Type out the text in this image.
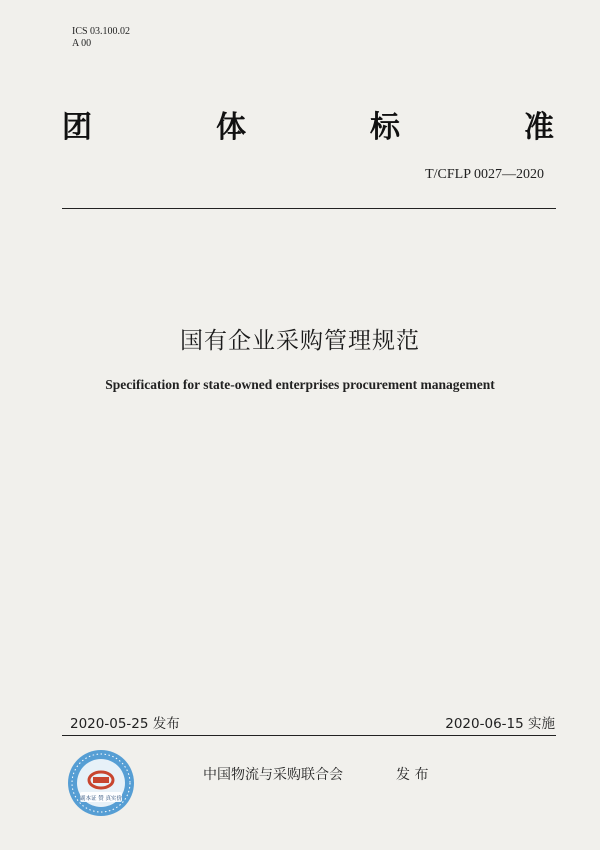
ICS 03.100.02
A 00
团	体	标	准
T/CFLP 0027—2020
国有企业采购管理规范
Specification for state-owned enterprises procurement management
2020-05-25 发布	2020-06-15 实施
副本证 赞 真实价
中国物流与采购联合会	发 布
